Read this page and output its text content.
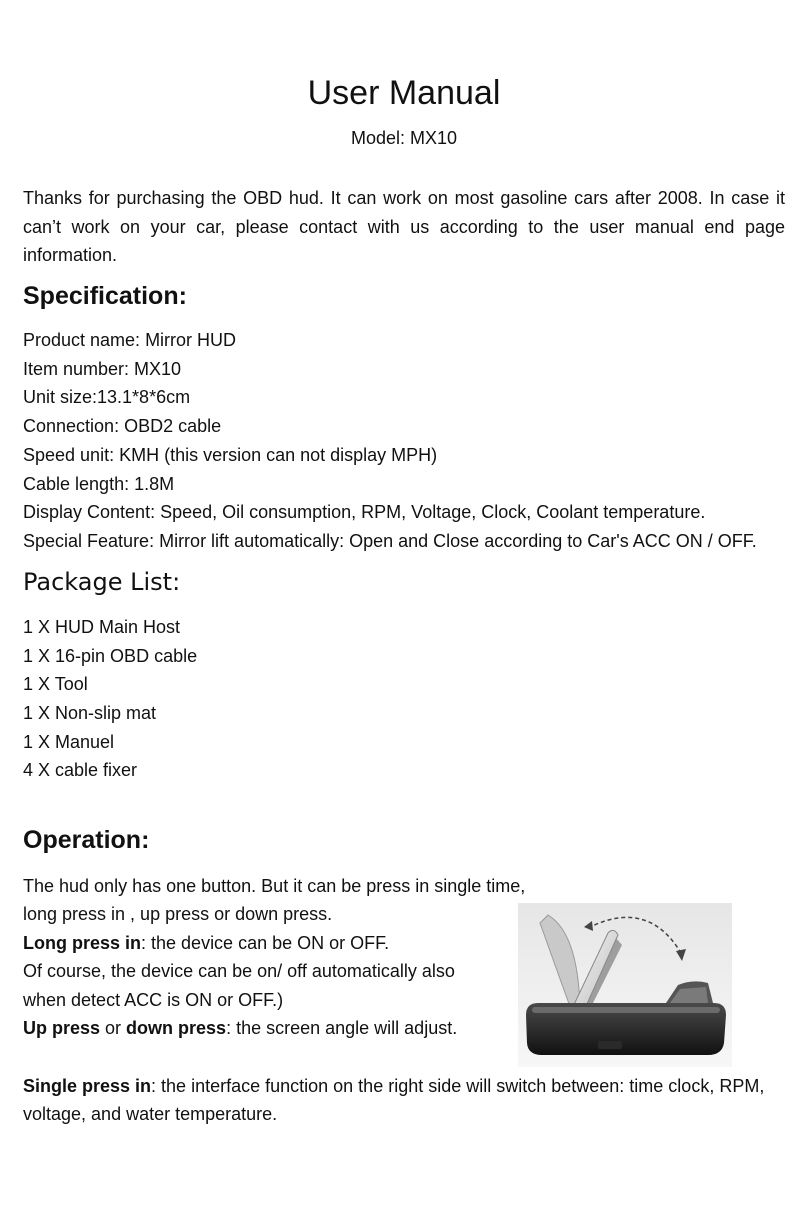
User Manual
Model: MX10
Thanks for purchasing the OBD hud. It can work on most gasoline cars after 2008. In case it can’t work on your car, please contact with us according to the user manual end page information.
Specification:
Product name: Mirror HUD
Item number: MX10
Unit size:13.1*8*6cm
Connection: OBD2 cable
Speed unit: KMH (this version can not display MPH)
Cable length: 1.8M
Display Content: Speed, Oil consumption, RPM, Voltage, Clock, Coolant temperature.
Special Feature: Mirror lift automatically: Open and Close according to Car's ACC ON / OFF.
Package List:
1 X HUD Main Host
1 X 16-pin OBD cable
1 X Tool
1 X Non-slip mat
1 X Manuel
4 X cable fixer
Operation:
The hud only has one button. But it can be press in single time,
long press in , up press or down press.
Long press in: the device can be ON or OFF.
Of course, the device can be on/ off automatically also
when detect ACC is ON or OFF.)
Up press or down press: the screen angle will adjust.
Single press in: the interface function on the right side will switch between: time clock, RPM,
voltage, and water temperature.
